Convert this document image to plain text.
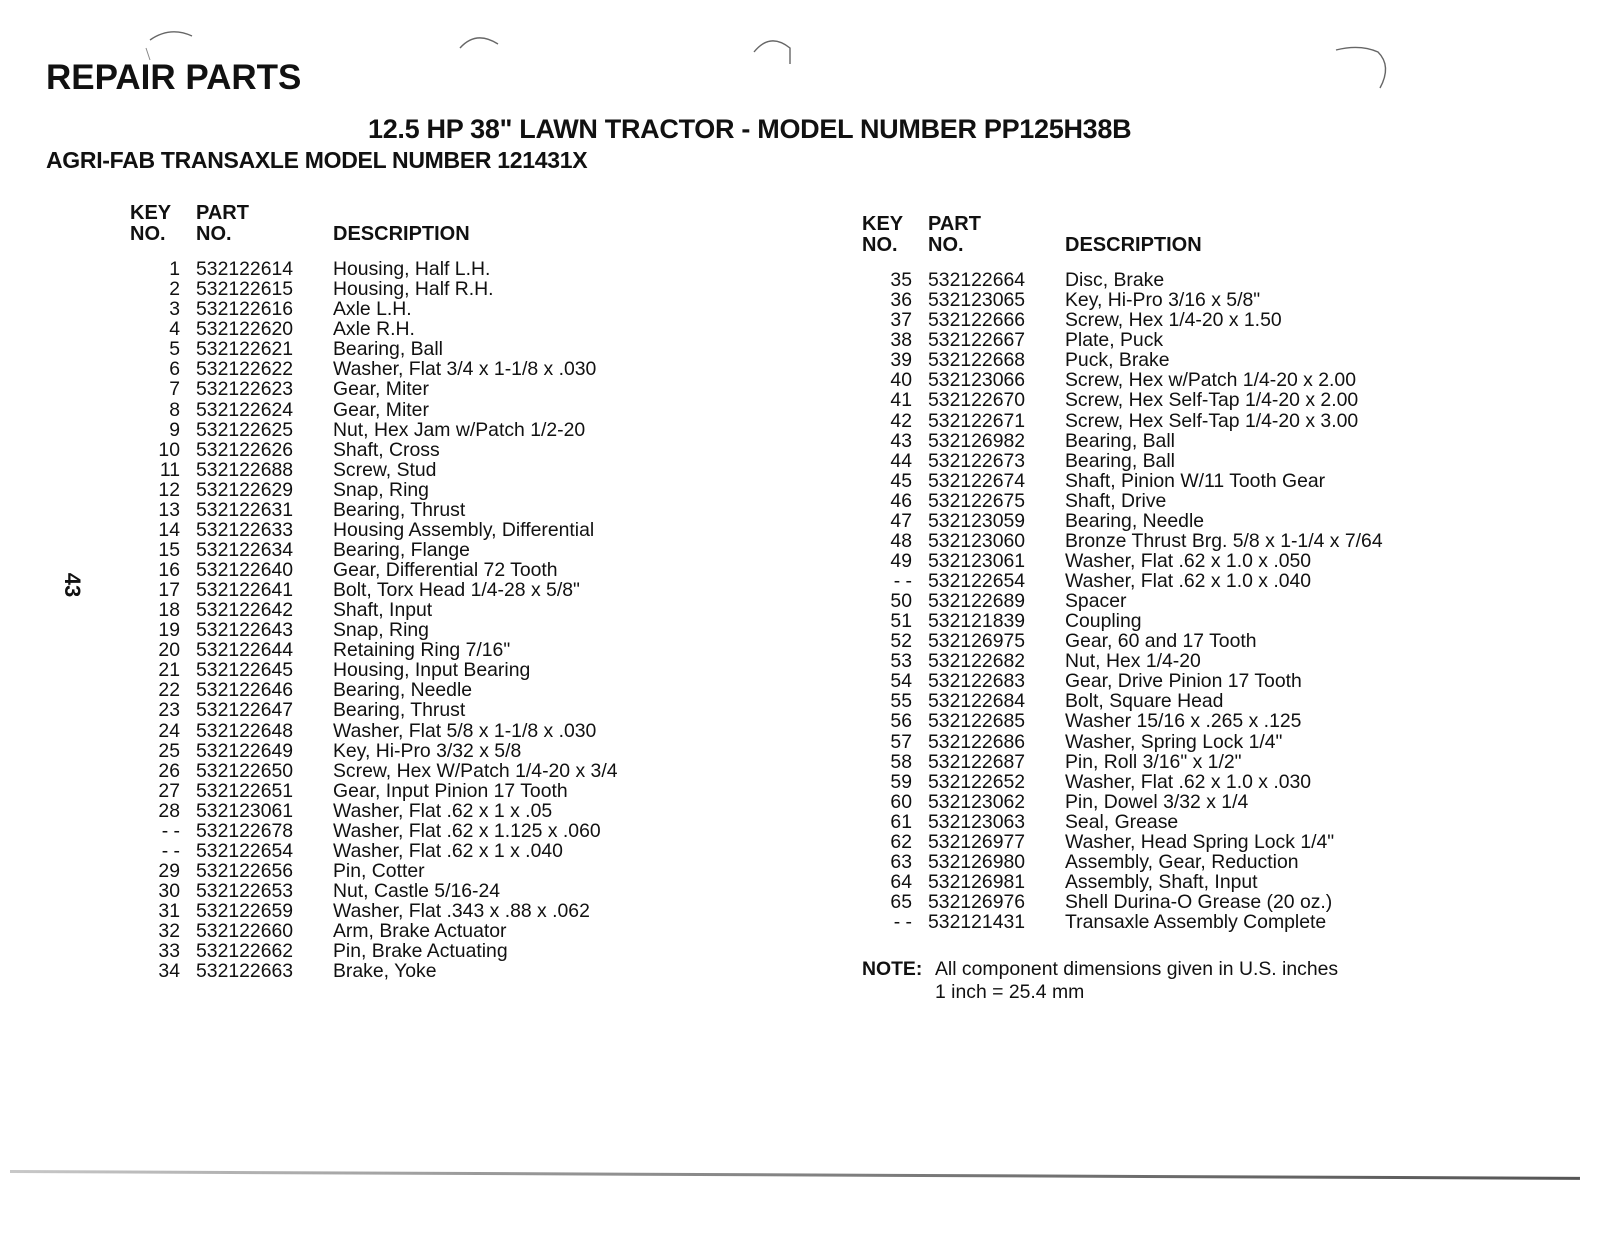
REPAIR PARTS
12.5 HP 38" LAWN TRACTOR - MODEL NUMBER PP125H38B
AGRI-FAB TRANSAXLE MODEL NUMBER 121431X
43
KEY	PART	
NO.	NO.	DESCRIPTION
1	532122614	Housing, Half L.H.
2	532122615	Housing, Half R.H.
3	532122616	Axle L.H.
4	532122620	Axle R.H.
5	532122621	Bearing, Ball
6	532122622	Washer, Flat 3/4 x 1-1/8 x .030
7	532122623	Gear, Miter
8	532122624	Gear, Miter
9	532122625	Nut, Hex Jam w/Patch 1/2-20
10	532122626	Shaft, Cross
11	532122688	Screw, Stud
12	532122629	Snap, Ring
13	532122631	Bearing, Thrust
14	532122633	Housing Assembly, Differential
15	532122634	Bearing, Flange
16	532122640	Gear, Differential 72 Tooth
17	532122641	Bolt, Torx Head 1/4-28 x 5/8"
18	532122642	Shaft, Input
19	532122643	Snap, Ring
20	532122644	Retaining Ring 7/16"
21	532122645	Housing, Input Bearing
22	532122646	Bearing, Needle
23	532122647	Bearing, Thrust
24	532122648	Washer, Flat 5/8 x 1-1/8 x .030
25	532122649	Key, Hi-Pro 3/32 x 5/8
26	532122650	Screw, Hex W/Patch 1/4-20 x 3/4
27	532122651	Gear, Input Pinion 17 Tooth
28	532123061	Washer, Flat .62 x 1 x .05
- -	532122678	Washer, Flat .62 x 1.125 x .060
- -	532122654	Washer, Flat .62 x 1 x .040
29	532122656	Pin, Cotter
30	532122653	Nut, Castle 5/16-24
31	532122659	Washer, Flat .343 x .88 x .062
32	532122660	Arm, Brake Actuator
33	532122662	Pin, Brake Actuating
34	532122663	Brake, Yoke
KEY	PART	
NO.	NO.	DESCRIPTION
35	532122664	Disc, Brake
36	532123065	Key, Hi-Pro 3/16 x 5/8"
37	532122666	Screw, Hex 1/4-20 x 1.50
38	532122667	Plate, Puck
39	532122668	Puck, Brake
40	532123066	Screw, Hex w/Patch 1/4-20 x 2.00
41	532122670	Screw, Hex Self-Tap 1/4-20 x 2.00
42	532122671	Screw, Hex Self-Tap 1/4-20 x 3.00
43	532126982	Bearing, Ball
44	532122673	Bearing, Ball
45	532122674	Shaft, Pinion W/11 Tooth Gear
46	532122675	Shaft, Drive
47	532123059	Bearing, Needle
48	532123060	Bronze Thrust Brg. 5/8 x 1-1/4 x 7/64
49	532123061	Washer, Flat .62 x 1.0 x .050
- -	532122654	Washer, Flat .62 x 1.0 x .040
50	532122689	Spacer
51	532121839	Coupling
52	532126975	Gear, 60 and 17 Tooth
53	532122682	Nut, Hex 1/4-20
54	532122683	Gear, Drive Pinion 17 Tooth
55	532122684	Bolt, Square Head
56	532122685	Washer 15/16 x .265 x .125
57	532122686	Washer, Spring Lock 1/4"
58	532122687	Pin, Roll 3/16" x 1/2"
59	532122652	Washer, Flat .62 x 1.0 x .030
60	532123062	Pin, Dowel 3/32 x 1/4
61	532123063	Seal, Grease
62	532126977	Washer, Head Spring Lock 1/4"
63	532126980	Assembly, Gear, Reduction
64	532126981	Assembly, Shaft, Input
65	532126976	Shell Durina-O Grease (20 oz.)
- -	532121431	Transaxle Assembly Complete
NOTE: All component dimensions given in U.S. inches
1 inch = 25.4 mm
